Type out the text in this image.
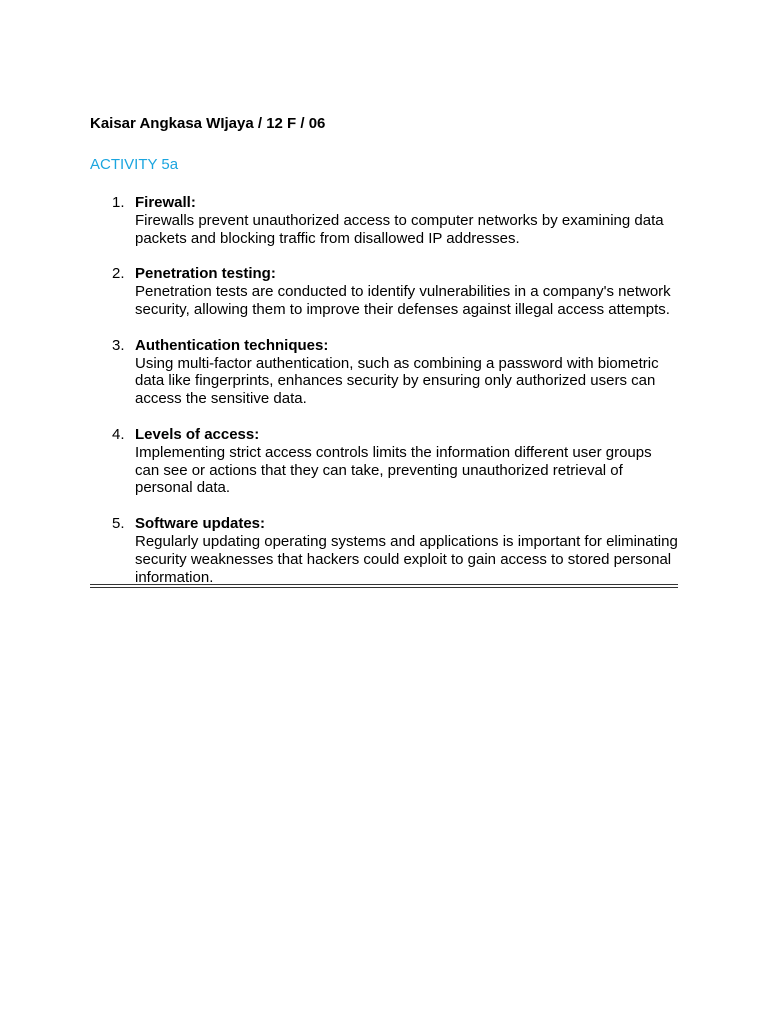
Kaisar Angkasa WIjaya / 12 F / 06
ACTIVITY 5a
1. Firewall:
Firewalls prevent unauthorized access to computer networks by examining data packets and blocking traffic from disallowed IP addresses.
2. Penetration testing:
Penetration tests are conducted to identify vulnerabilities in a company's network security, allowing them to improve their defenses against illegal access attempts.
3. Authentication techniques:
Using multi-factor authentication, such as combining a password with biometric data like fingerprints, enhances security by ensuring only authorized users can access the sensitive data.
4. Levels of access:
Implementing strict access controls limits the information different user groups can see or actions that they can take, preventing unauthorized retrieval of personal data.
5. Software updates:
Regularly updating operating systems and applications is important for eliminating security weaknesses that hackers could exploit to gain access to stored personal information.
